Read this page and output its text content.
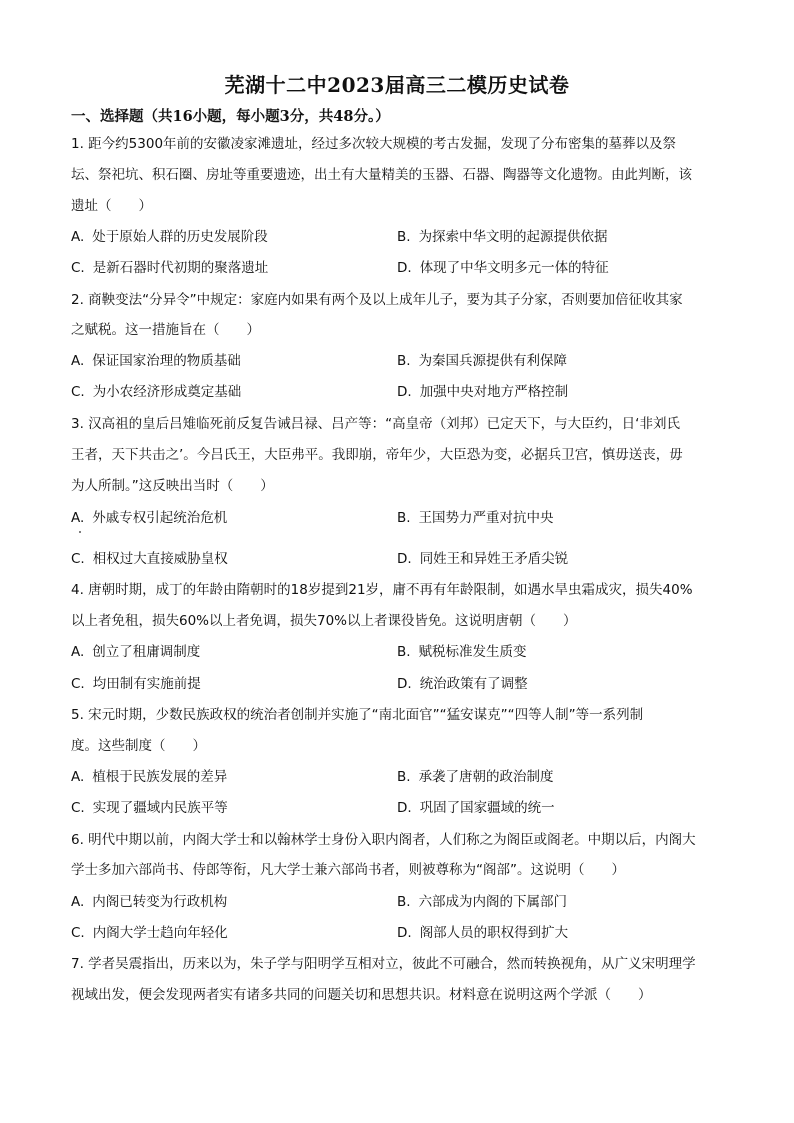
芜湖十二中2023届高三二模历史试卷
一、选择题（共16小题，每小题3分，共48分。）
1. 距今约5300年前的安徽凌家滩遗址，经过多次较大规模的考古发掘，发现了分布密集的墓葬以及祭
坛、祭祀坑、积石圈、房址等重要遗迹，出土有大量精美的玉器、石器、陶器等文化遗物。由此判断，该
遗址（　　）
A. 处于原始人群的历史发展阶段	B. 为探索中华文明的起源提供依据
C. 是新石器时代初期的聚落遗址	D. 体现了中华文明多元一体的特征
2. 商鞅变法“分异令”中规定：家庭内如果有两个及以上成年儿子，要为其子分家，否则要加倍征收其家
之赋税。这一措施旨在（　　）
A. 保证国家治理的物质基础	B. 为秦国兵源提供有利保障
C. 为小农经济形成奠定基础	D. 加强中央对地方严格控制
3. 汉高祖的皇后吕雉临死前反复告诫吕禄、吕产等：“高皇帝（刘邦）已定天下，与大臣约，日‘非刘氏
王者，天下共击之’。今吕氏王，大臣弗平。我即崩，帝年少，大臣恐为变，必据兵卫宫，慎毋送丧，毋
为人所制。”这反映出当时（　　）
A. 外戚专权引起统治危机	B. 王国势力严重对抗中央
C. 相权过大直接威胁皇权	D. 同姓王和异姓王矛盾尖锐
4. 唐朝时期，成丁的年龄由隋朝时的18岁提到21岁，庸不再有年龄限制，如遇水旱虫霜成灾，损失40%
以上者免租，损失60%以上者免调，损失70%以上者课役皆免。这说明唐朝（　　）
A. 创立了租庸调制度	B. 赋税标准发生质变
C. 均田制有实施前提	D. 统治政策有了调整
5. 宋元时期，少数民族政权的统治者创制并实施了“南北面官”“猛安谋克”“四等人制”等一系列制
度。这些制度（　　）
A. 植根于民族发展的差异	B. 承袭了唐朝的政治制度
C. 实现了疆域内民族平等	D. 巩固了国家疆域的统一
6. 明代中期以前，内阁大学士和以翰林学士身份入职内阁者，人们称之为阁臣或阁老。中期以后，内阁大
学士多加六部尚书、侍郎等衔，凡大学士兼六部尚书者，则被尊称为“阁部”。这说明（　　）
A. 内阁已转变为行政机构	B. 六部成为内阁的下属部门
C. 内阁大学士趋向年轻化	D. 阁部人员的职权得到扩大
7. 学者吴震指出，历来以为，朱子学与阳明学互相对立，彼此不可融合，然而转换视角，从广义宋明理学
视域出发，便会发现两者实有诸多共同的问题关切和思想共识。材料意在说明这两个学派（　　）
